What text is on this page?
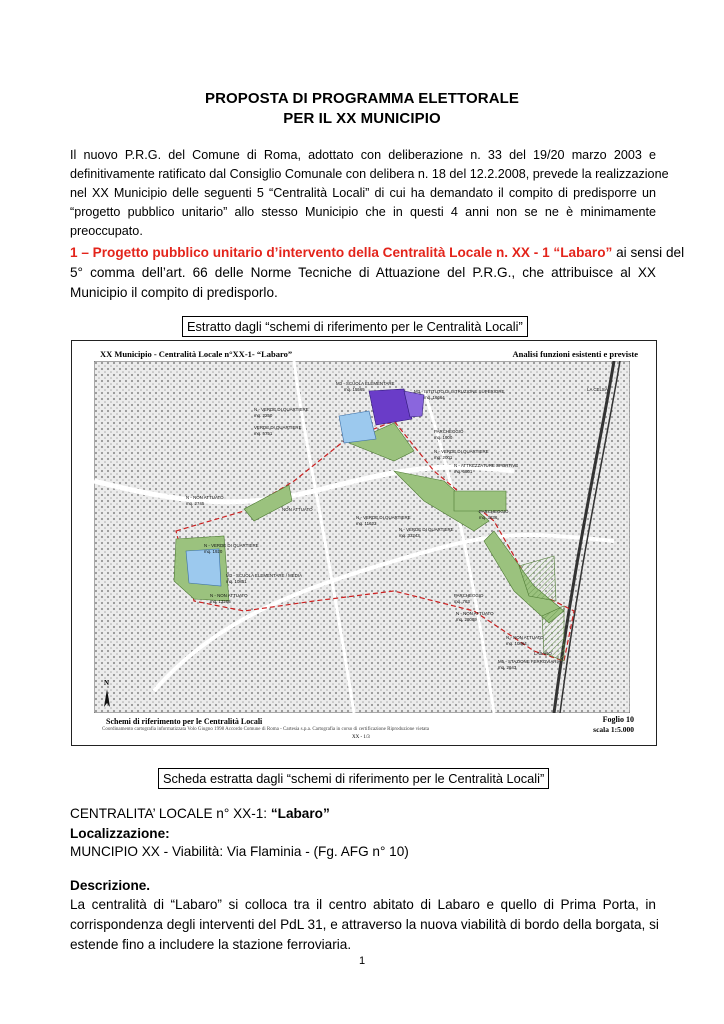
PROPOSTA DI PROGRAMMA ELETTORALE
PER IL XX MUNICIPIO
Il nuovo P.R.G. del Comune di Roma, adottato con deliberazione n. 33 del 19/20 marzo 2003 e
definitivamente ratificato dal Consiglio Comunale con delibera n. 18 del 12.2.2008, prevede la realizzazione
nel XX Municipio delle seguenti 5 “Centralità Locali” di cui ha demandato il compito di predisporre un
“progetto pubblico unitario” allo stesso Municipio che in questi 4 anni non se ne è minimamente
preoccupato.
1 – Progetto pubblico unitario d’intervento della Centralità Locale n. XX - 1 “Labaro” ai sensi del
5° comma dell’art. 66 delle Norme Tecniche di Attuazione del P.R.G., che attribuisce al XX
Municipio il compito di predisporlo.
Estratto dagli “schemi di riferimento per le Centralità Locali”
XX Municipio - Centralità Locale n°XX-1- “Labaro”	Analisi funzioni esistenti e previste
M3 - SCUOLA ELEMENTARE
mq. 15565	M3 - ISTITUTO DI ISTRUZIONE SUPERIORE
mq. 16664
LA CELSA
N - VERDE DI QUARTIERE
mq. 2250
VERDE DI QUARTIERE
mq. 5751	PARCHEGGIO
mq. 1900
N - VERDE DI QUARTIERE
mq. 2001
N - ATTREZZATURE SPORTIVE
mq. 6801
N - NON ATTUATO
mq. 2745
NON ATTUATO
N - VERDE DI QUARTIERE
mq. 11623
N - VERDE DI QUARTIERE
mq. 33243
PARCHEGGIO
mq. 3836
N - VERDE DI QUARTIERE
mq. 1920
M3 - SCUOLA ELEMENTARE / MEDIA
mq. 10851
N - NON ATTUATO
mq. 13205
PARCHEGGIO
mq. 763
N - NON ATTUATO
mq. 28089
N - NON ATTUATO
mq. 10864
LABARO
M5 - STAZIONE FERROVIARIA
mq. 2643
N
Schemi di riferimento per le Centralità Locali
Coordinamento cartografia informatizzata Volo Giugno 1998 Accordo Comune di Roma - Cartesia s.p.a. Cartografia in corso di certificazione Riproduzione vietata
XX - 1/3
Foglio 10
scala 1:5.000
Scheda estratta dagli “schemi di riferimento per le Centralità Locali”
CENTRALITA’ LOCALE n° XX-1: “Labaro”
Localizzazione:
MUNCIPIO XX - Viabilità: Via Flaminia - (Fg. AFG n° 10)
Descrizione.
La centralità di “Labaro” si colloca tra il centro abitato di Labaro e quello di Prima Porta, in
corrispondenza degli interventi del PdL 31, e attraverso la nuova viabilità di bordo della borgata, si
estende fino a includere la stazione ferroviaria.
1
